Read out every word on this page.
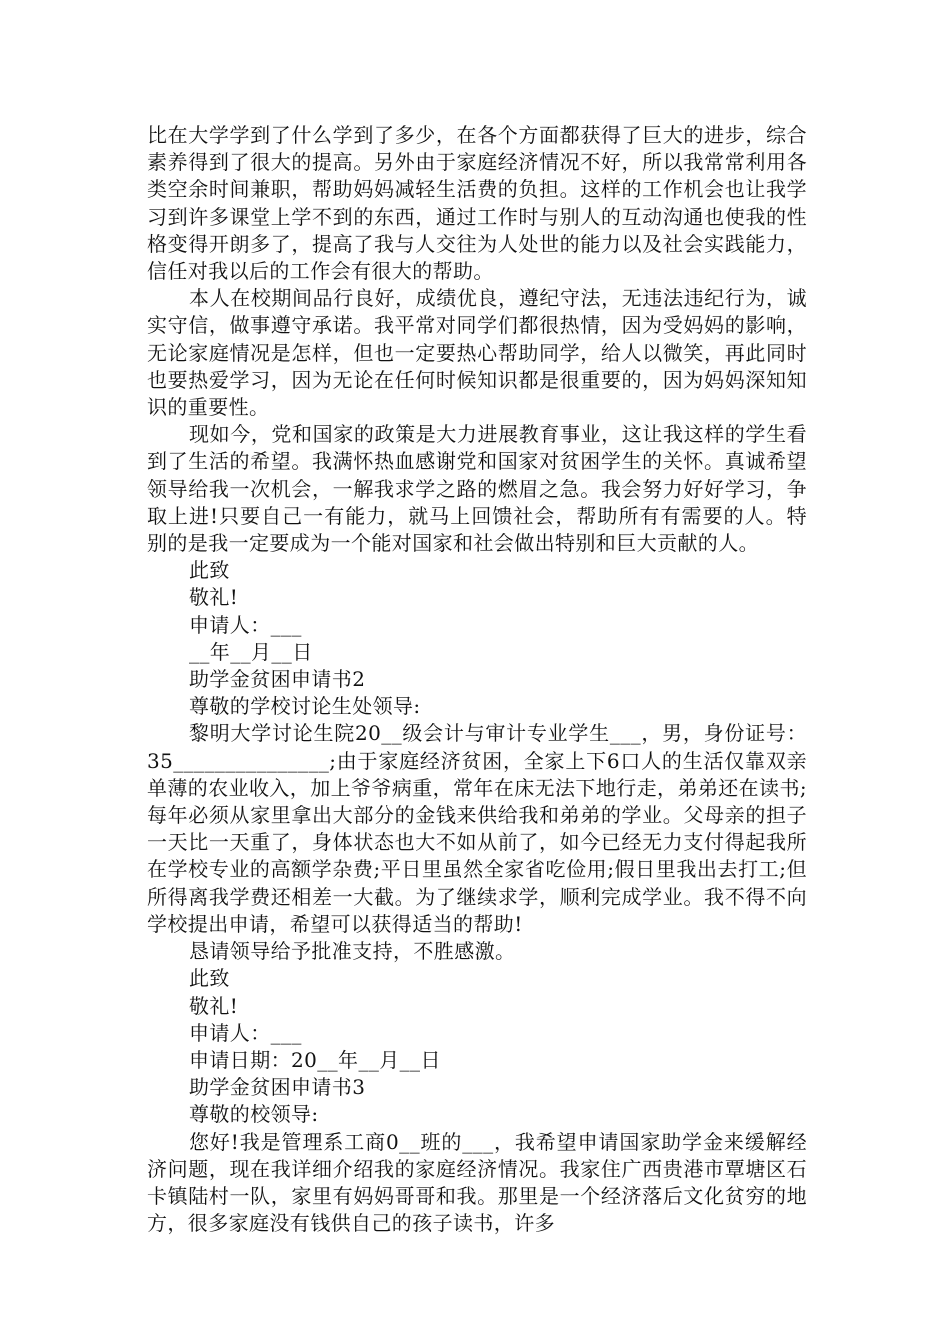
比在大学学到了什么学到了多少，在各个方面都获得了巨大的进步，综合素养得到了很大的提高。另外由于家庭经济情况不好，所以我常常利用各类空余时间兼职，帮助妈妈减轻生活费的负担。这样的工作机会也让我学习到许多课堂上学不到的东西，通过工作时与别人的互动沟通也使我的性格变得开朗多了，提高了我与人交往为人处世的能力以及社会实践能力，信任对我以后的工作会有很大的帮助。

本人在校期间品行良好，成绩优良，遵纪守法，无违法违纪行为，诚实守信，做事遵守承诺。我平常对同学们都很热情，因为受妈妈的影响，无论家庭情况是怎样，但也一定要热心帮助同学，给人以微笑，再此同时也要热爱学习，因为无论在任何时候知识都是很重要的，因为妈妈深知知识的重要性。

现如今，党和国家的政策是大力进展教育事业，这让我这样的学生看到了生活的希望。我满怀热血感谢党和国家对贫困学生的关怀。真诚希望领导给我一次机会，一解我求学之路的燃眉之急。我会努力好好学习，争取上进!只要自己一有能力，就马上回馈社会，帮助所有有需要的人。特别的是我一定要成为一个能对国家和社会做出特别和巨大贡献的人。

此致
敬礼!
申请人：___
__年__月__日
助学金贫困申请书2
尊敬的学校讨论生处领导:

黎明大学讨论生院20__级会计与审计专业学生___，男，身份证号：35_______________;由于家庭经济贫困，全家上下6口人的生活仅靠双亲单薄的农业收入，加上爷爷病重，常年在床无法下地行走，弟弟还在读书;每年必须从家里拿出大部分的金钱来供给我和弟弟的学业。父母亲的担子一天比一天重了，身体状态也大不如从前了，如今已经无力支付得起我所在学校专业的高额学杂费;平日里虽然全家省吃俭用;假日里我出去打工;但所得离我学费还相差一大截。为了继续求学，顺利完成学业。我不得不向学校提出申请，希望可以获得适当的帮助!

恳请领导给予批准支持，不胜感激。
此致
敬礼!
申请人：___
申请日期：20__年__月__日
助学金贫困申请书3
尊敬的校领导:

您好!我是管理系工商0__班的___，我希望申请国家助学金来缓解经济问题，现在我详细介绍我的家庭经济情况。我家住广西贵港市覃塘区石卡镇陆村一队，家里有妈妈哥哥和我。那里是一个经济落后文化贫穷的地方，很多家庭没有钱供自己的孩子读书，许多
